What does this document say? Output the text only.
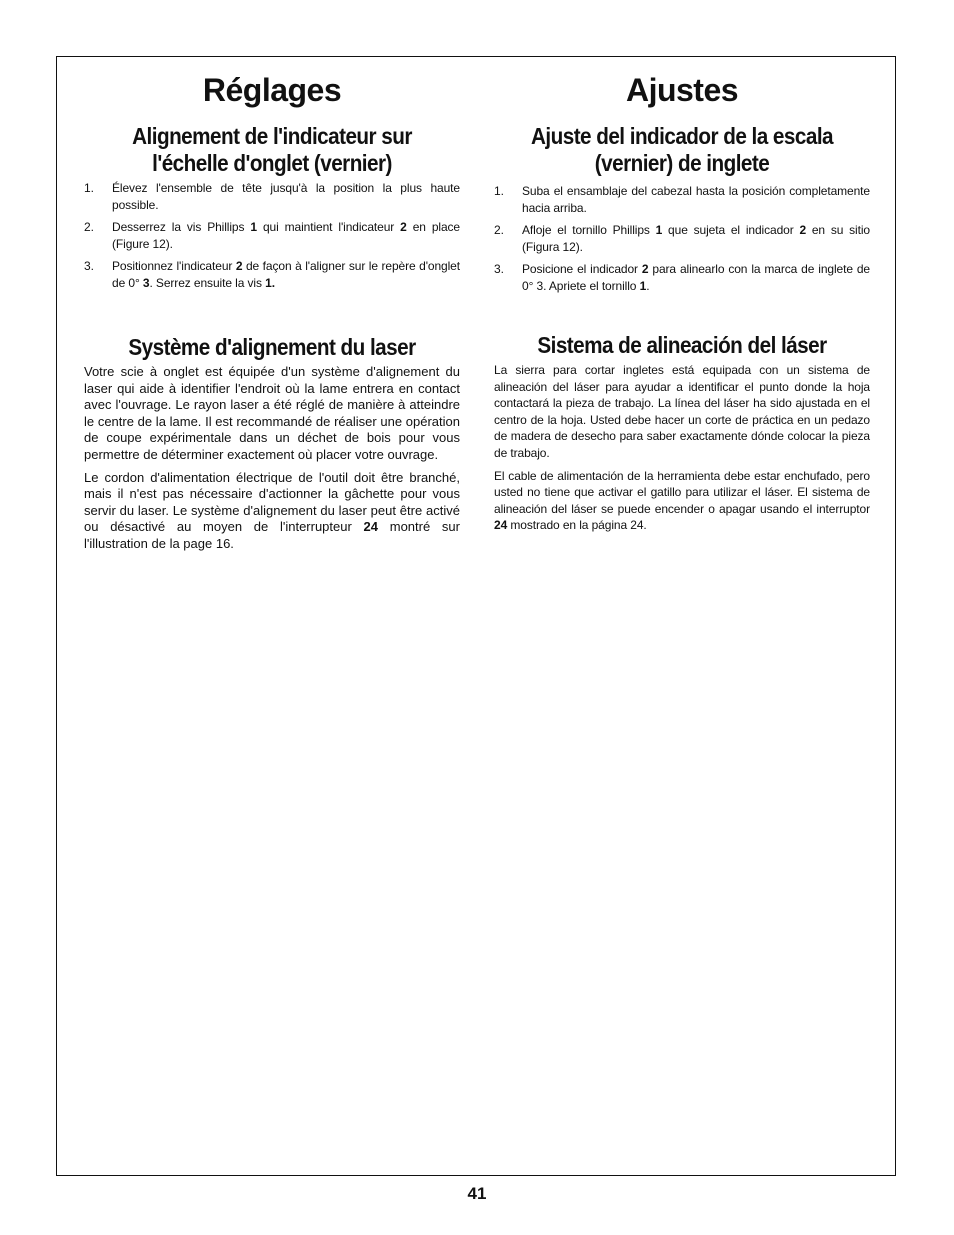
Réglages
Alignement de l'indicateur sur
l'échelle d'onglet (vernier)
1. Élevez l'ensemble de tête jusqu'à la position la plus haute possible.
2. Desserrez la vis Phillips 1 qui maintient l'indicateur 2 en place (Figure 12).
3. Positionnez l'indicateur 2 de façon à l'aligner sur le repère d'onglet de 0° 3. Serrez ensuite la vis 1.
Système d'alignement du laser

Votre scie à onglet est équipée d'un système d'alignement du laser qui aide à identifier l'endroit où la lame entrera en contact avec l'ouvrage. Le rayon laser a été réglé de manière à atteindre le centre de la lame. Il est recommandé de réaliser une opération de coupe expérimentale dans un déchet de bois pour vous permettre de déterminer exactement où placer votre ouvrage.

Le cordon d'alimentation électrique de l'outil doit être branché, mais il n'est pas nécessaire d'actionner la gâchette pour vous servir du laser. Le système d'alignement du laser peut être activé ou désactivé au moyen de l'interrupteur 24 montré sur l'illustration de la page 16.

Ajustes
Ajuste del indicador de la escala
(vernier) de inglete
1. Suba el ensamblaje del cabezal hasta la posición completamente hacia arriba.
2. Afloje el tornillo Phillips 1 que sujeta el indicador 2 en su sitio (Figura 12).
3. Posicione el indicador 2 para alinearlo con la marca de inglete de 0° 3. Apriete el tornillo 1.
Sistema de alineación del láser

La sierra para cortar ingletes está equipada con un sistema de alineación del láser para ayudar a identificar el punto donde la hoja contactará la pieza de trabajo. La línea del láser ha sido ajustada en el centro de la hoja. Usted debe hacer un corte de práctica en un pedazo de madera de desecho para saber exactamente dónde colocar la pieza de trabajo.

El cable de alimentación de la herramienta debe estar enchufado, pero usted no tiene que activar el gatillo para utilizar el láser. El sistema de alineación del láser se puede encender o apagar usando el interruptor 24 mostrado en la página 24.

41
